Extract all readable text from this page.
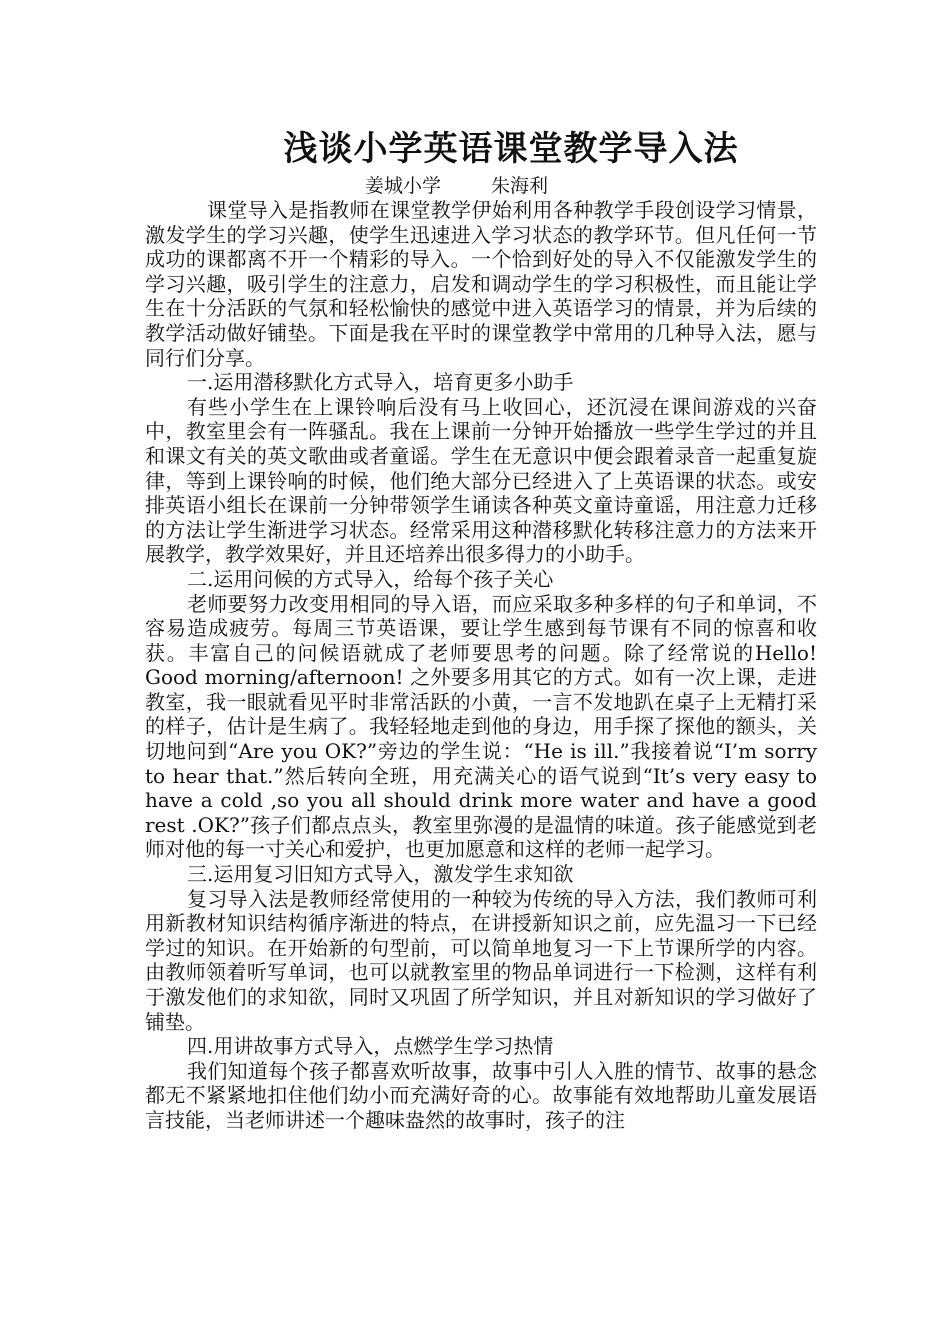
浅谈小学英语课堂教学导入法
姜城小学	朱海利

课堂导入是指教师在课堂教学伊始利用各种教学手段创设学习情景，激发学生的学习兴趣，使学生迅速进入学习状态的教学环节。但凡任何一节成功的课都离不开一个精彩的导入。一个恰到好处的导入不仅能激发学生的学习兴趣，吸引学生的注意力，启发和调动学生的学习积极性，而且能让学生在十分活跃的气氛和轻松愉快的感觉中进入英语学习的情景，并为后续的教学活动做好铺垫。下面是我在平时的课堂教学中常用的几种导入法，愿与同行们分享。

一.运用潜移默化方式导入，培育更多小助手

有些小学生在上课铃响后没有马上收回心，还沉浸在课间游戏的兴奋中，教室里会有一阵骚乱。我在上课前一分钟开始播放一些学生学过的并且和课文有关的英文歌曲或者童谣。学生在无意识中便会跟着录音一起重复旋律，等到上课铃响的时候，他们绝大部分已经进入了上英语课的状态。或安排英语小组长在课前一分钟带领学生诵读各种英文童诗童谣，用注意力迁移的方法让学生渐进学习状态。经常采用这种潜移默化转移注意力的方法来开展教学，教学效果好，并且还培养出很多得力的小助手。

二.运用问候的方式导入，给每个孩子关心

老师要努力改变用相同的导入语，而应采取多种多样的句子和单词，不容易造成疲劳。每周三节英语课，要让学生感到每节课有不同的惊喜和收获。丰富自己的问候语就成了老师要思考的问题。除了经常说的Hello! Good morning/afternoon! 之外要多用其它的方式。如有一次上课，走进教室，我一眼就看见平时非常活跃的小黄，一言不发地趴在桌子上无精打采的样子，估计是生病了。我轻轻地走到他的身边，用手探了探他的额头，关切地问到“Are you OK?”旁边的学生说：“He is ill.”我接着说“I’m sorry to hear that.”然后转向全班，用充满关心的语气说到“It’s very easy to have a cold ,so you all should drink more water and have a good rest .OK?”孩子们都点点头，教室里弥漫的是温情的味道。孩子能感觉到老师对他的每一寸关心和爱护，也更加愿意和这样的老师一起学习。

三.运用复习旧知方式导入，激发学生求知欲

复习导入法是教师经常使用的一种较为传统的导入方法，我们教师可利用新教材知识结构循序渐进的特点，在讲授新知识之前，应先温习一下已经学过的知识。在开始新的句型前，可以简单地复习一下上节课所学的内容。由教师领着听写单词，也可以就教室里的物品单词进行一下检测，这样有利于激发他们的求知欲，同时又巩固了所学知识，并且对新知识的学习做好了铺垫。

四.用讲故事方式导入，点燃学生学习热情

我们知道每个孩子都喜欢听故事，故事中引人入胜的情节、故事的悬念都无不紧紧地扣住他们幼小而充满好奇的心。故事能有效地帮助儿童发展语言技能，当老师讲述一个趣味盎然的故事时，孩子的注
